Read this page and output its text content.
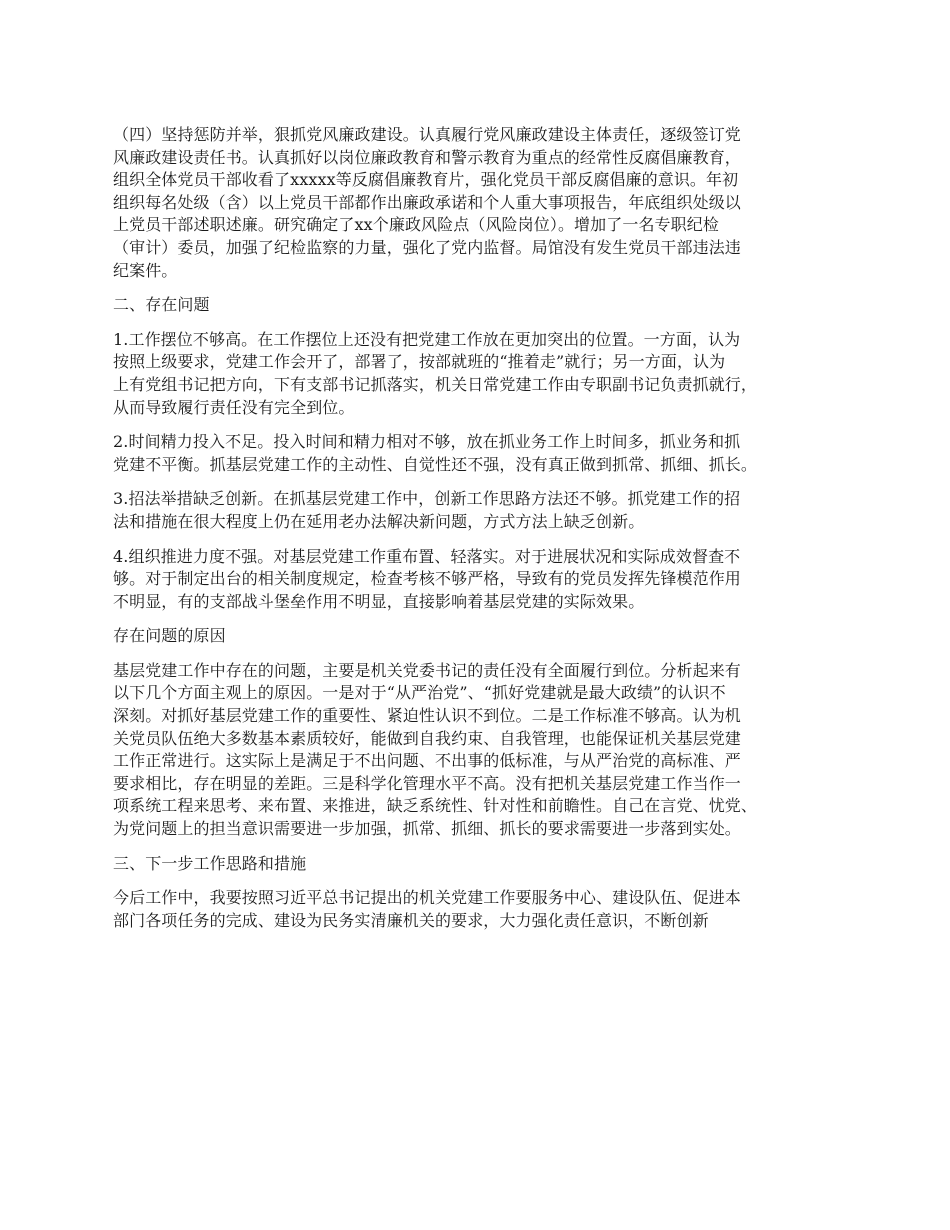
（四）坚持惩防并举，狠抓党风廉政建设。认真履行党风廉政建设主体责任，逐级签订党
风廉政建设责任书。认真抓好以岗位廉政教育和警示教育为重点的经常性反腐倡廉教育，
组织全体党员干部收看了xxxxx等反腐倡廉教育片，强化党员干部反腐倡廉的意识。年初
组织每名处级（含）以上党员干部都作出廉政承诺和个人重大事项报告，年底组织处级以
上党员干部述职述廉。研究确定了xx个廉政风险点（风险岗位）。增加了一名专职纪检
（审计）委员，加强了纪检监察的力量，强化了党内监督。局馆没有发生党员干部违法违
纪案件。

二、存在问题

1.工作摆位不够高。在工作摆位上还没有把党建工作放在更加突出的位置。一方面，认为
按照上级要求，党建工作会开了，部署了，按部就班的“推着走”就行；另一方面，认为
上有党组书记把方向，下有支部书记抓落实，机关日常党建工作由专职副书记负责抓就行，
从而导致履行责任没有完全到位。

2.时间精力投入不足。投入时间和精力相对不够，放在抓业务工作上时间多，抓业务和抓
党建不平衡。抓基层党建工作的主动性、自觉性还不强，没有真正做到抓常、抓细、抓长。

3.招法举措缺乏创新。在抓基层党建工作中，创新工作思路方法还不够。抓党建工作的招
法和措施在很大程度上仍在延用老办法解决新问题，方式方法上缺乏创新。

4.组织推进力度不强。对基层党建工作重布置、轻落实。对于进展状况和实际成效督查不
够。对于制定出台的相关制度规定，检查考核不够严格，导致有的党员发挥先锋模范作用
不明显，有的支部战斗堡垒作用不明显，直接影响着基层党建的实际效果。

存在问题的原因

基层党建工作中存在的问题，主要是机关党委书记的责任没有全面履行到位。分析起来有
以下几个方面主观上的原因。一是对于“从严治党”、“抓好党建就是最大政绩”的认识不
深刻。对抓好基层党建工作的重要性、紧迫性认识不到位。二是工作标准不够高。认为机
关党员队伍绝大多数基本素质较好，能做到自我约束、自我管理，也能保证机关基层党建
工作正常进行。这实际上是满足于不出问题、不出事的低标准，与从严治党的高标准、严
要求相比，存在明显的差距。三是科学化管理水平不高。没有把机关基层党建工作当作一
项系统工程来思考、来布置、来推进，缺乏系统性、针对性和前瞻性。自己在言党、忧党、
为党问题上的担当意识需要进一步加强，抓常、抓细、抓长的要求需要进一步落到实处。

三、下一步工作思路和措施

今后工作中，我要按照习近平总书记提出的机关党建工作要服务中心、建设队伍、促进本
部门各项任务的完成、建设为民务实清廉机关的要求，大力强化责任意识，不断创新
